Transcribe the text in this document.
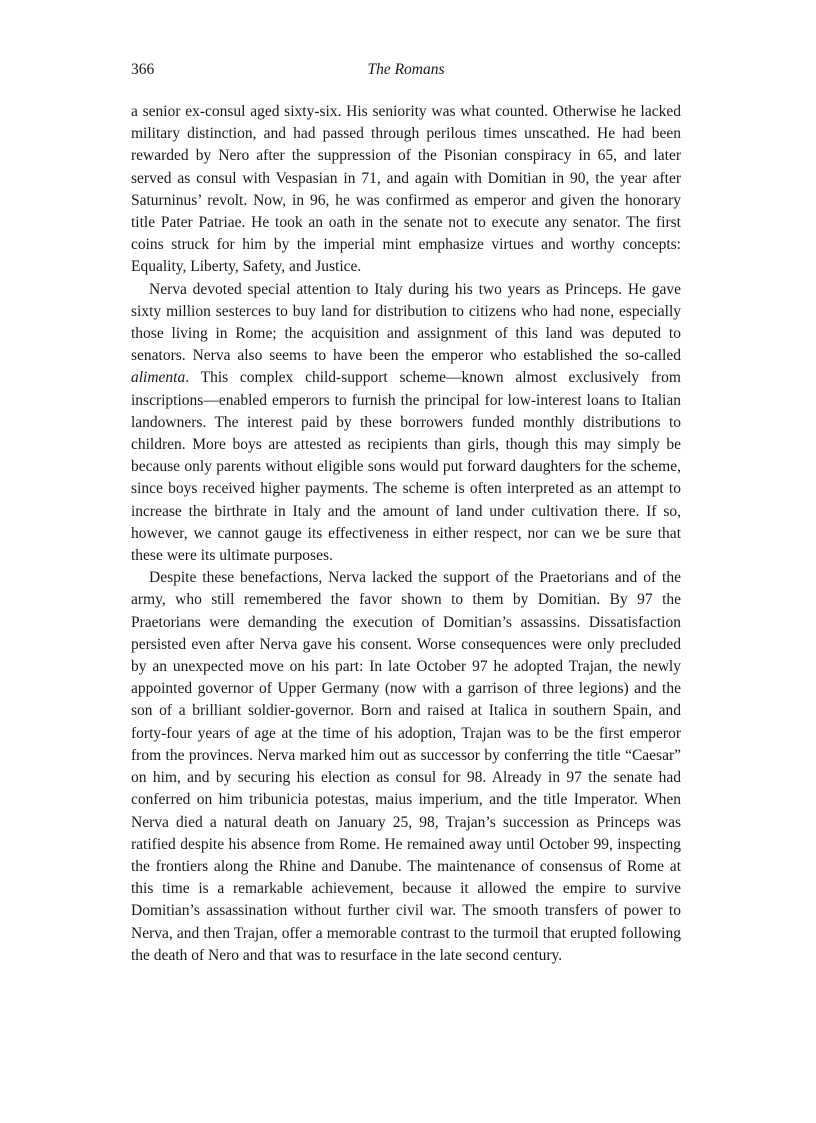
366	The Romans

a senior ex-consul aged sixty-six. His seniority was what counted. Otherwise he lacked military distinction, and had passed through perilous times unscathed. He had been rewarded by Nero after the suppression of the Pisonian conspiracy in 65, and later served as consul with Vespasian in 71, and again with Domitian in 90, the year after Saturninus’ revolt. Now, in 96, he was confirmed as emperor and given the honorary title Pater Patriae. He took an oath in the senate not to execute any senator. The first coins struck for him by the imperial mint emphasize virtues and worthy concepts: Equality, Liberty, Safety, and Justice.

Nerva devoted special attention to Italy during his two years as Princeps. He gave sixty million sesterces to buy land for distribution to citizens who had none, especially those living in Rome; the acquisition and assignment of this land was deputed to senators. Nerva also seems to have been the emperor who established the so-called alimenta. This complex child-support scheme—known almost exclusively from inscriptions—enabled emperors to furnish the principal for low-interest loans to Italian landowners. The interest paid by these borrowers funded monthly distributions to children. More boys are attested as recipients than girls, though this may simply be because only parents without eligible sons would put forward daughters for the scheme, since boys received higher payments. The scheme is often interpreted as an attempt to increase the birthrate in Italy and the amount of land under cultivation there. If so, however, we cannot gauge its effectiveness in either respect, nor can we be sure that these were its ultimate purposes.

Despite these benefactions, Nerva lacked the support of the Praetorians and of the army, who still remembered the favor shown to them by Domitian. By 97 the Praetorians were demanding the execution of Domitian’s assassins. Dissatisfaction persisted even after Nerva gave his consent. Worse consequences were only precluded by an unexpected move on his part: In late October 97 he adopted Trajan, the newly appointed governor of Upper Germany (now with a garrison of three legions) and the son of a brilliant soldier-governor. Born and raised at Italica in southern Spain, and forty-four years of age at the time of his adoption, Trajan was to be the first emperor from the provinces. Nerva marked him out as successor by conferring the title “Caesar” on him, and by securing his election as consul for 98. Already in 97 the senate had conferred on him tribunicia potestas, maius imperium, and the title Imperator. When Nerva died a natural death on January 25, 98, Trajan’s succession as Princeps was ratified despite his absence from Rome. He remained away until October 99, inspecting the frontiers along the Rhine and Danube. The maintenance of consensus of Rome at this time is a remarkable achievement, because it allowed the empire to survive Domitian’s assassination without further civil war. The smooth transfers of power to Nerva, and then Trajan, offer a memorable contrast to the turmoil that erupted following the death of Nero and that was to resurface in the late second century.
